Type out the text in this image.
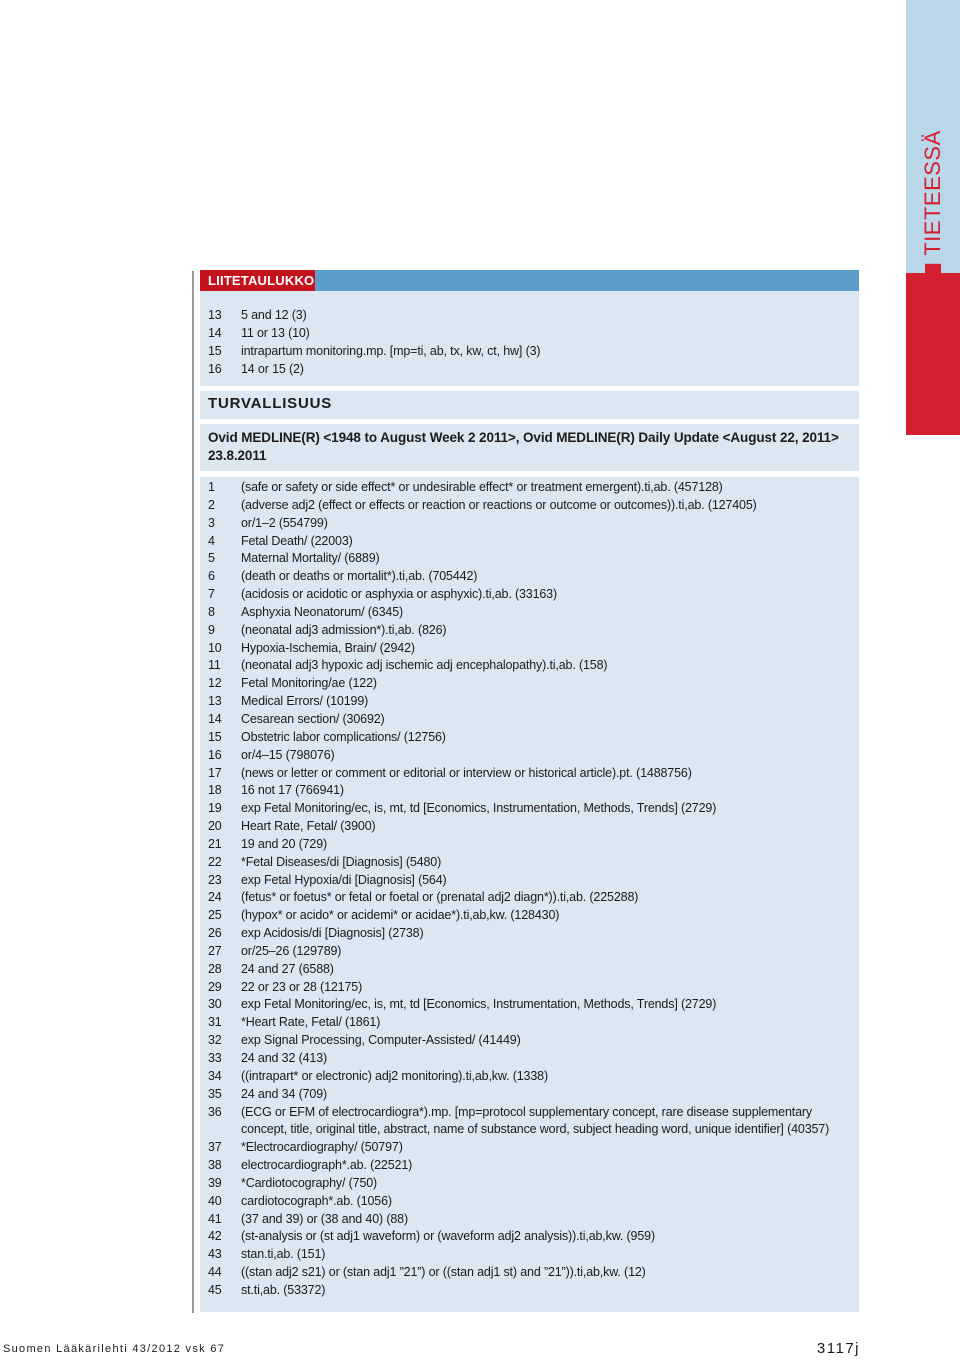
TIETEESSÄ
LIITETAULUKKO
13	5 and 12 (3)
14	11 or 13 (10)
15	intrapartum monitoring.mp. [mp=ti, ab, tx, kw, ct, hw] (3)
16	14 or 15 (2)
TURVALLISUUS
Ovid MEDLINE(R) <1948 to August Week 2 2011>, Ovid MEDLINE(R) Daily Update <August 22, 2011> 23.8.2011
1	(safe or safety or side effect* or undesirable effect* or treatment emergent).ti,ab. (457128)
2	(adverse adj2 (effect or effects or reaction or reactions or outcome or outcomes)).ti,ab. (127405)
3	or/1–2 (554799)
4	Fetal Death/ (22003)
5	Maternal Mortality/ (6889)
6	(death or deaths or mortalit*).ti,ab. (705442)
7	(acidosis or acidotic or asphyxia or asphyxic).ti,ab. (33163)
8	Asphyxia Neonatorum/ (6345)
9	(neonatal adj3 admission*).ti,ab. (826)
10	Hypoxia-Ischemia, Brain/ (2942)
11	(neonatal adj3 hypoxic adj ischemic adj encephalopathy).ti,ab. (158)
12	Fetal Monitoring/ae (122)
13	Medical Errors/ (10199)
14	Cesarean section/ (30692)
15	Obstetric labor complications/ (12756)
16	or/4–15 (798076)
17	(news or letter or comment or editorial or interview or historical article).pt. (1488756)
18	16 not 17 (766941)
19	exp Fetal Monitoring/ec, is, mt, td [Economics, Instrumentation, Methods, Trends] (2729)
20	Heart Rate, Fetal/ (3900)
21	19 and 20 (729)
22	*Fetal Diseases/di [Diagnosis] (5480)
23	exp Fetal Hypoxia/di [Diagnosis] (564)
24	(fetus* or foetus* or fetal or foetal or (prenatal adj2 diagn*)).ti,ab. (225288)
25	(hypox* or acido* or acidemi* or acidae*).ti,ab,kw. (128430)
26	exp Acidosis/di [Diagnosis] (2738)
27	or/25–26 (129789)
28	24 and 27 (6588)
29	22 or 23 or 28 (12175)
30	exp Fetal Monitoring/ec, is, mt, td [Economics, Instrumentation, Methods, Trends] (2729)
31	*Heart Rate, Fetal/ (1861)
32	exp Signal Processing, Computer-Assisted/ (41449)
33	24 and 32 (413)
34	((intrapart* or electronic) adj2 monitoring).ti,ab,kw. (1338)
35	24 and 34 (709)
36	(ECG or EFM of electrocardiogra*).mp. [mp=protocol supplementary concept, rare disease supplementary concept, title, original title, abstract, name of substance word, subject heading word, unique identifier] (40357)
37	*Electrocardiography/ (50797)
38	electrocardiograph*.ab. (22521)
39	*Cardiotocography/ (750)
40	cardiotocograph*.ab. (1056)
41	(37 and 39) or (38 and 40) (88)
42	(st-analysis or (st adj1 waveform) or (waveform adj2 analysis)).ti,ab,kw. (959)
43	stan.ti,ab. (151)
44	((stan adj2 s21) or (stan adj1 ”21”) or ((stan adj1 st) and ”21”)).ti,ab,kw. (12)
45	st.ti,ab. (53372)
Suomen Lääkärilehti 43/2012 vsk 67	3117j
